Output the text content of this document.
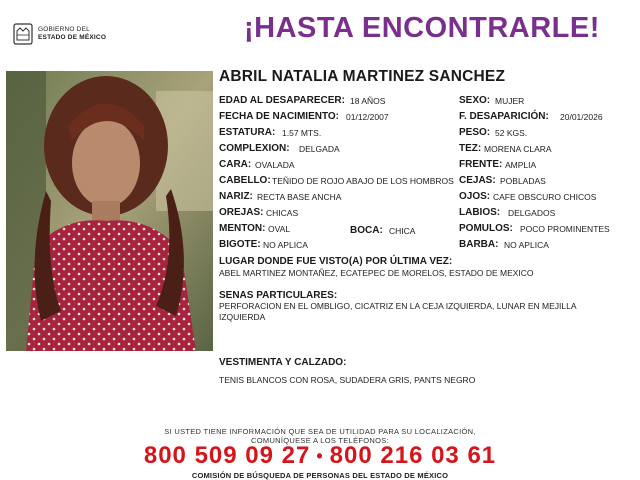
GOBIERNO DEL
ESTADO DE MÉXICO	¡HASTA ENCONTRARLE!
ABRIL NATALIA MARTINEZ SANCHEZ
EDAD AL DESAPARECER: 18 AÑOS	SEXO: MUJER
FECHA DE NACIMIENTO: 01/12/2007	F. DESAPARICIÓN: 20/01/2026
ESTATURA: 1.57 MTS.	PESO: 52 KGS.
COMPLEXION: DELGADA	TEZ: MORENA CLARA
CARA: OVALADA	FRENTE: AMPLIA
CABELLO: TEÑIDO DE ROJO ABAJO DE LOS HOMBROS CEJAS: POBLADAS
NARIZ: RECTA BASE ANCHA	OJOS: CAFE OBSCURO CHICOS
OREJAS: CHICAS	LABIOS: DELGADOS
MENTON: OVAL	BOCA: CHICA	POMULOS: POCO PROMINENTES
BIGOTE: NO APLICA	BARBA: NO APLICA
LUGAR DONDE FUE VISTO(A) POR ÚLTIMA VEZ:
ABEL MARTINEZ MONTAÑEZ, ECATEPEC DE MORELOS, ESTADO DE MEXICO
SENAS PARTICULARES:
PERFORACION EN EL OMBLIGO, CICATRIZ EN LA CEJA IZQUIERDA, LUNAR EN MEJILLA IZQUIERDA
VESTIMENTA Y CALZADO:
TENIS BLANCOS CON ROSA, SUDADERA GRIS, PANTS NEGRO
SI USTED TIENE INFORMACIÓN QUE SEA DE UTILIDAD PARA SU LOCALIZACIÓN,
COMUNÍQUESE A LOS TELÉFONOS:
800 509 09 27 • 800 216 03 61
COMISIÓN DE BÚSQUEDA DE PERSONAS DEL ESTADO DE MÉXICO
